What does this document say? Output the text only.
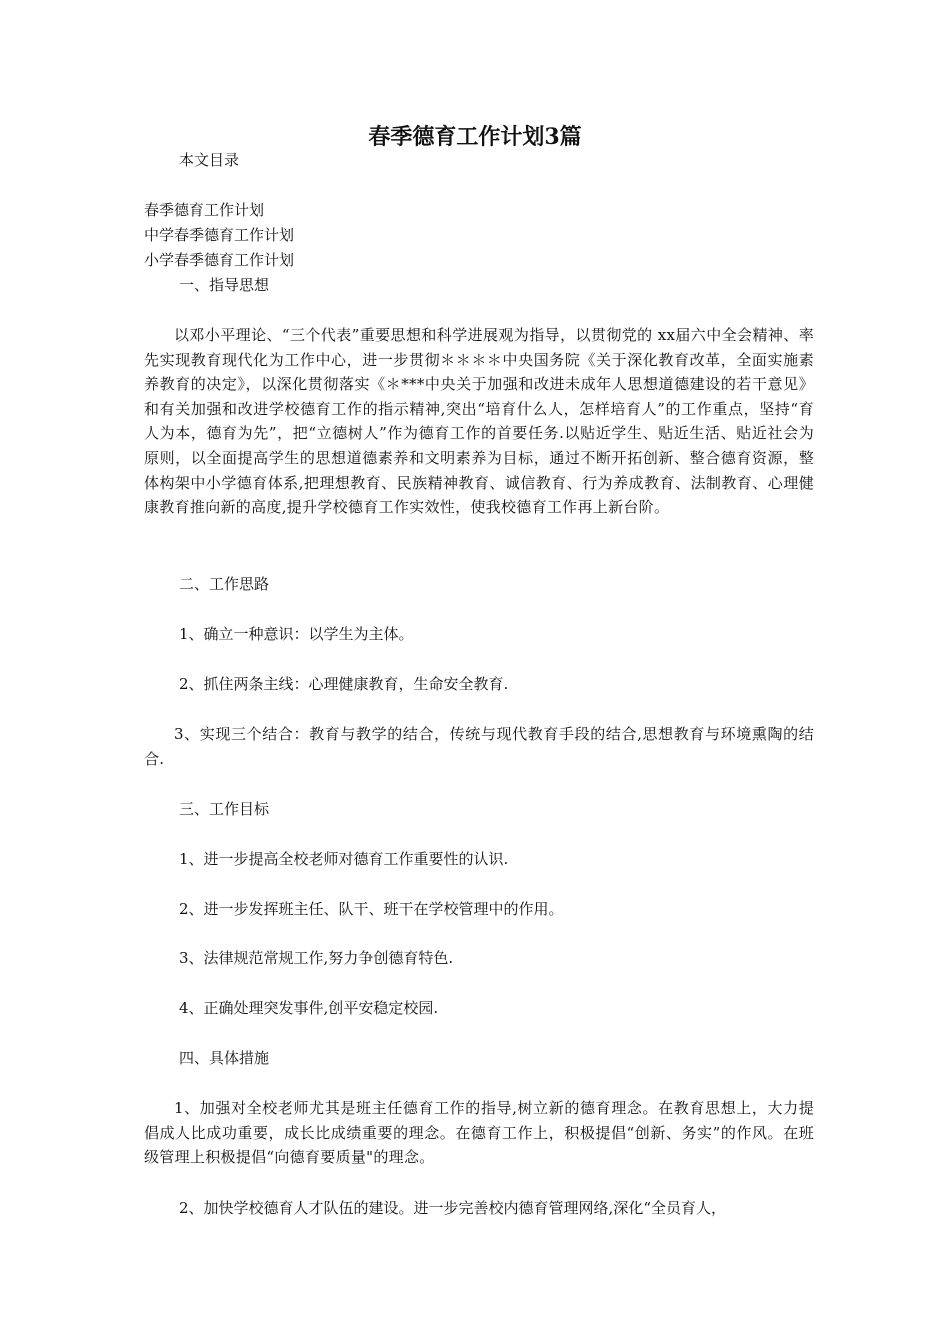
春季德育工作计划3篇

本文目录

春季德育工作计划

中学春季德育工作计划

小学春季德育工作计划

一、指导思想

以邓小平理论、“三个代表”重要思想和科学进展观为指导，以贯彻党的 xx届六中全会精神、率先实现教育现代化为工作中心，进一步贯彻＊＊＊＊中央国务院《关于深化教育改革，全面实施素养教育的决定》，以深化贯彻落实《＊***中央关于加强和改进未成年人思想道德建设的若干意见》和有关加强和改进学校德育工作的指示精神,突出“培育什么人，怎样培育人”的工作重点，坚持“育人为本，德育为先”，把“立德树人”作为德育工作的首要任务.以贴近学生、贴近生活、贴近社会为原则，以全面提高学生的思想道德素养和文明素养为目标，通过不断开拓创新、整合德育资源，整体构架中小学德育体系,把理想教育、民族精神教育、诚信教育、行为养成教育、法制教育、心理健康教育推向新的高度,提升学校德育工作实效性，使我校德育工作再上新台阶。

二、工作思路

1、确立一种意识：以学生为主体。

2、抓住两条主线：心理健康教育，生命安全教育.

3、实现三个结合：教育与教学的结合，传统与现代教育手段的结合,思想教育与环境熏陶的结合.

三、工作目标

1、进一步提高全校老师对德育工作重要性的认识.

2、进一步发挥班主任、队干、班干在学校管理中的作用。

3、法律规范常规工作,努力争创德育特色.

4、正确处理突发事件,创平安稳定校园.

四、具体措施

1、加强对全校老师尤其是班主任德育工作的指导,树立新的德育理念。在教育思想上，大力提倡成人比成功重要，成长比成绩重要的理念。在德育工作上，积极提倡“创新、务实”的作风。在班级管理上积极提倡“向德育要质量"的理念。

2、加快学校德育人才队伍的建设。进一步完善校内德育管理网络,深化“全员育人，
